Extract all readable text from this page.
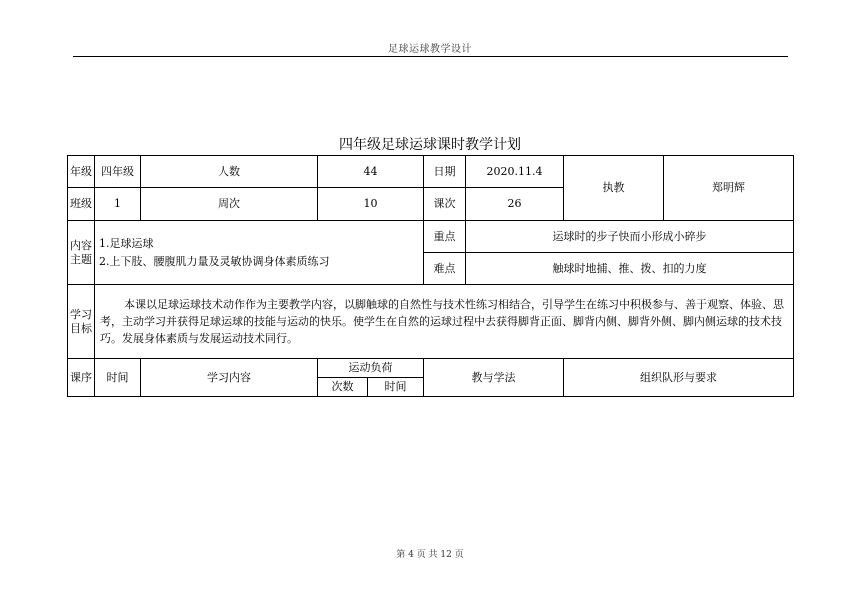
足球运球教学设计
四年级足球运球课时教学计划
年级	四年级	人数	44		日期	2020.11.4	执教	郑明辉
班级	1	周次	10		课次	26		
内容主题	1.足球运球
2.上下肢、腰腹肌力量及灵敏协调身体素质练习				重点	运球时的步子快而小形成小碎步		
					难点	触球时地捕、推、拨、扣的力度		
学习目标	本课以足球运球技术动作作为主要教学内容，以脚触球的自然性与技术性练习相结合，引导学生在练习中积极参与、善于观察、体验、思考，主动学习并获得足球运球的技能与运动的快乐。使学生在自然的运球过程中去获得脚背正面、脚背内侧、脚背外侧、脚内侧运球的技术技巧。发展身体素质与发展运动技术同行。							
课序	时间	学习内容	运动负荷		教与学法		组织队形与要求	
			次数	时间				
第 4 页 共 12 页
